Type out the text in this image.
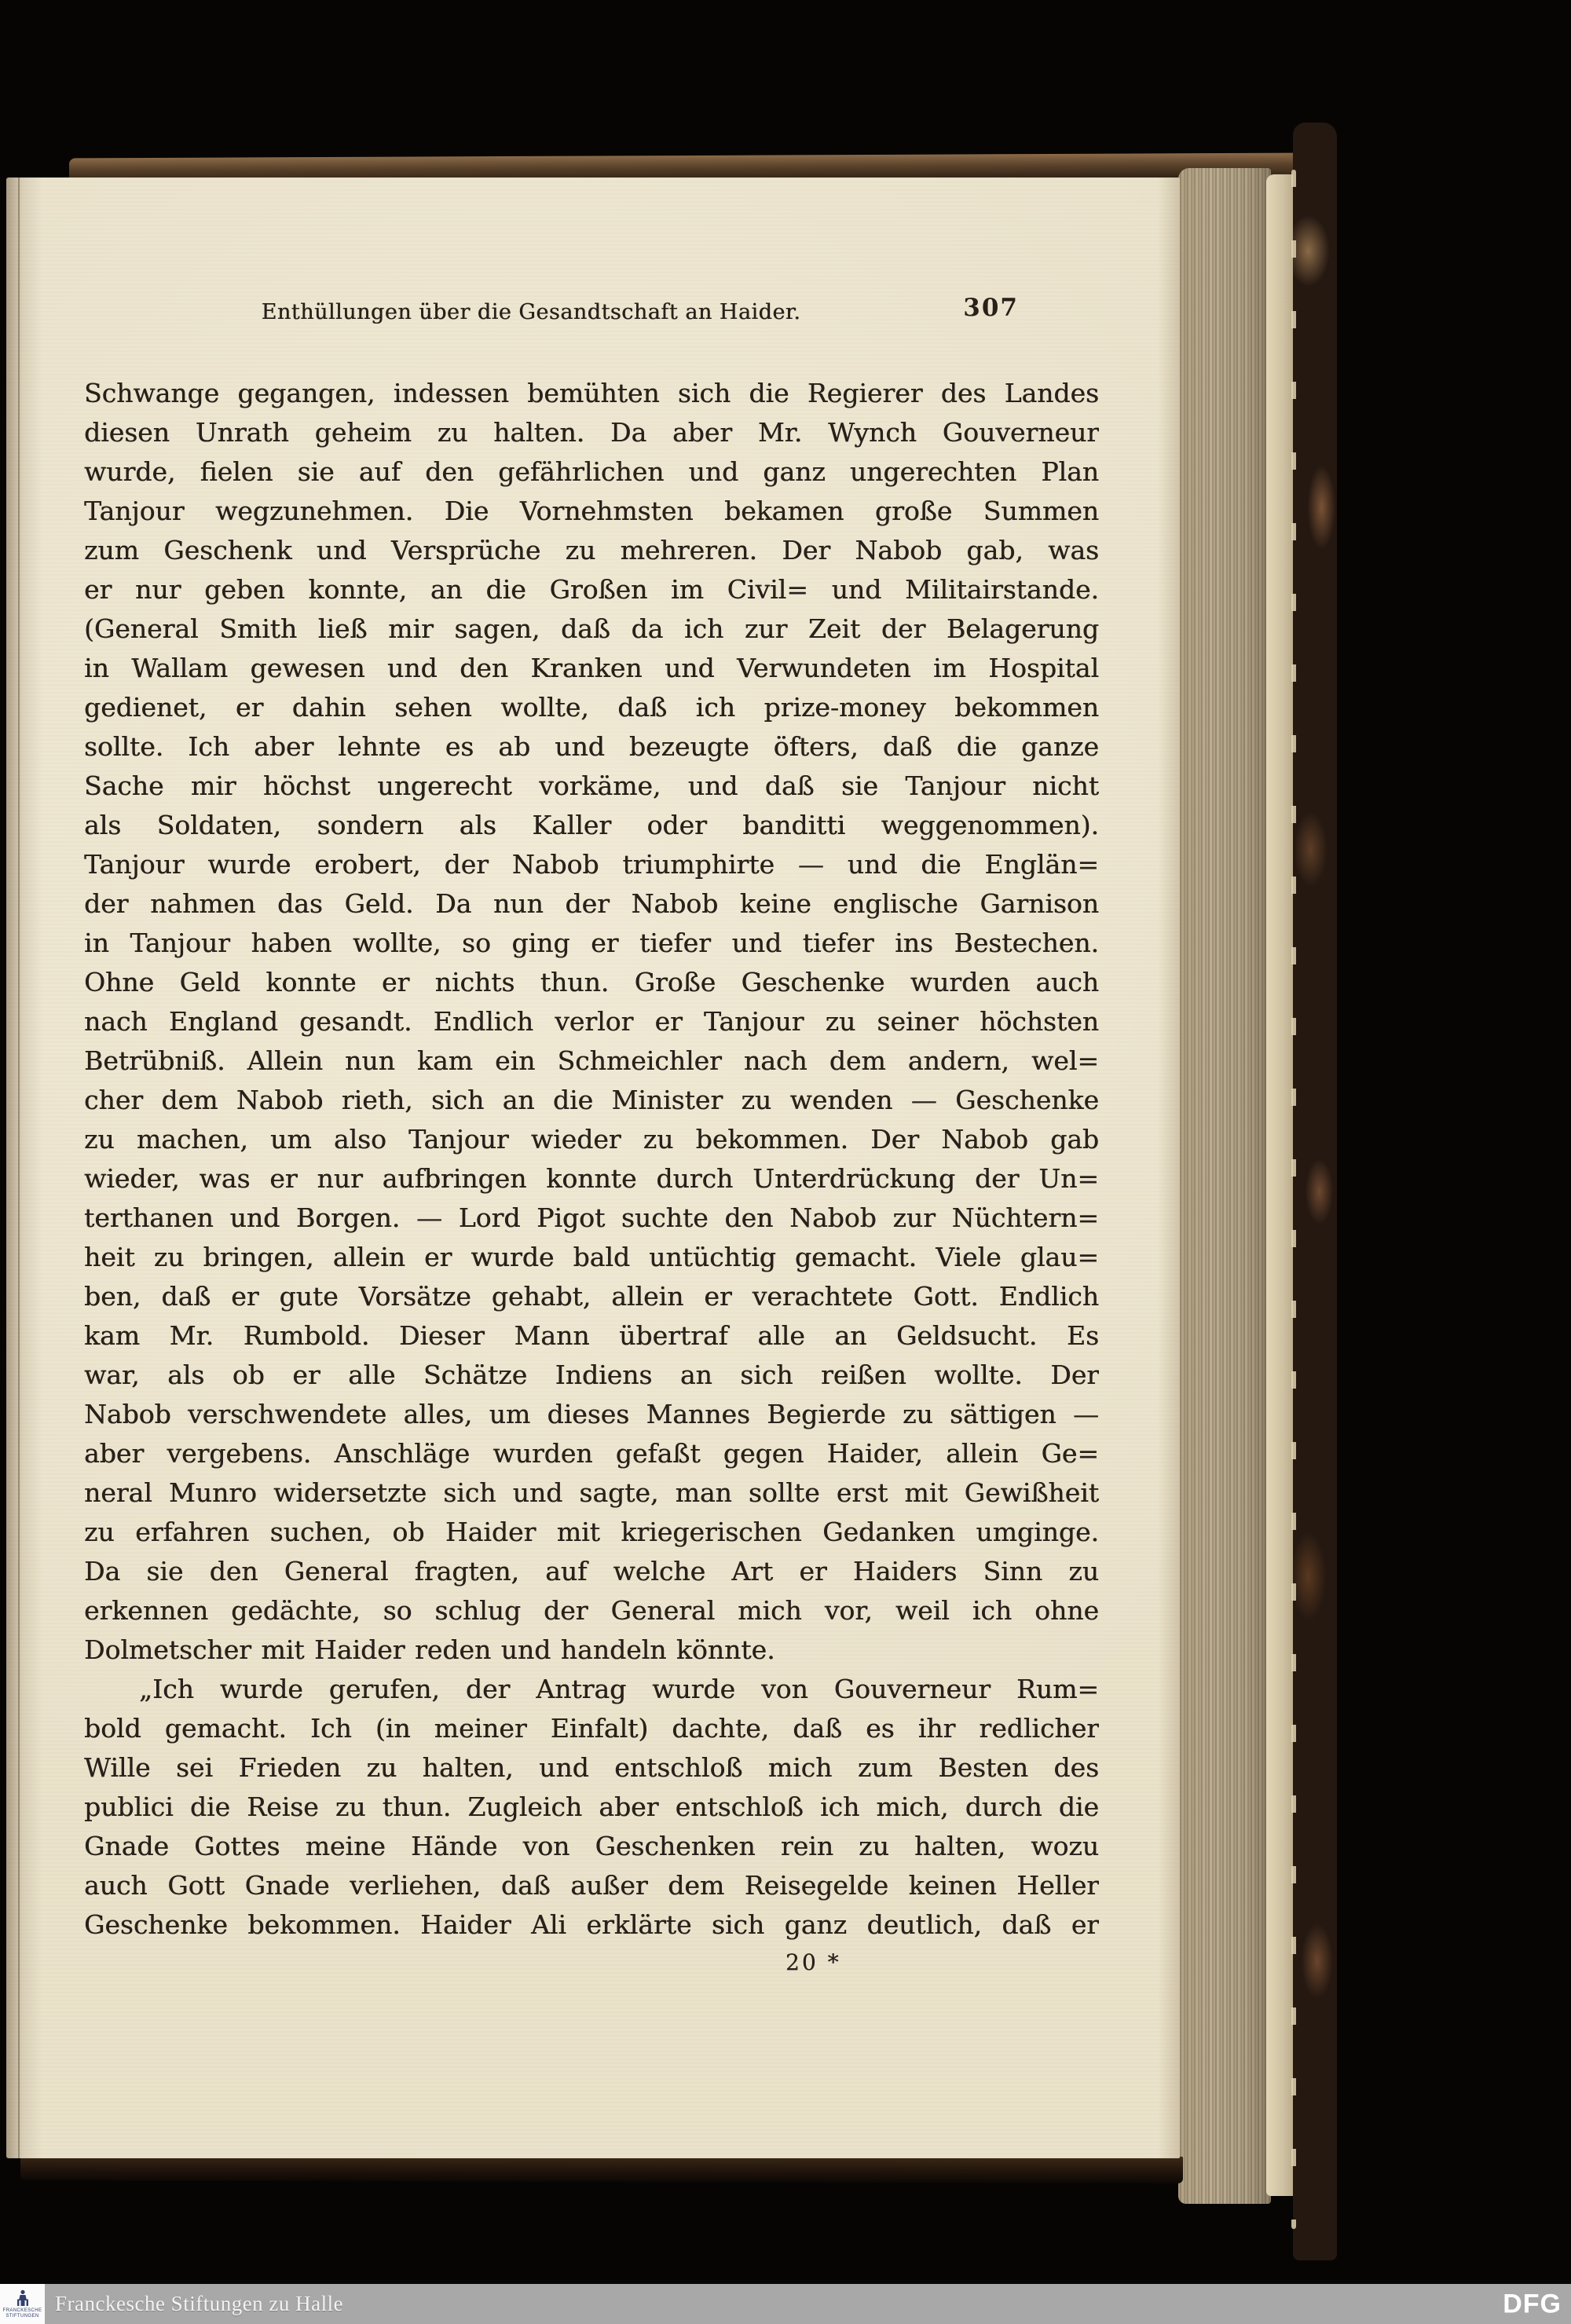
Enthüllungen über die Gesandtschaft an Haider.	307
Schwange gegangen, indessen bemühten sich die Regierer des Landes
diesen Unrath geheim zu halten. Da aber Mr. Wynch Gouverneur
wurde, fielen sie auf den gefährlichen und ganz ungerechten Plan
Tanjour wegzunehmen. Die Vornehmsten bekamen große Summen
zum Geschenk und Versprüche zu mehreren. Der Nabob gab, was
er nur geben konnte, an die Großen im Civil= und Militairstande.
(General Smith ließ mir sagen, daß da ich zur Zeit der Belagerung
in Wallam gewesen und den Kranken und Verwundeten im Hospital
gedienet, er dahin sehen wollte, daß ich prize-money bekommen
sollte. Ich aber lehnte es ab und bezeugte öfters, daß die ganze
Sache mir höchst ungerecht vorkäme, und daß sie Tanjour nicht
als Soldaten, sondern als Kaller oder banditti weggenommen).
Tanjour wurde erobert, der Nabob triumphirte — und die Englän=
der nahmen das Geld. Da nun der Nabob keine englische Garnison
in Tanjour haben wollte, so ging er tiefer und tiefer ins Bestechen.
Ohne Geld konnte er nichts thun. Große Geschenke wurden auch
nach England gesandt. Endlich verlor er Tanjour zu seiner höchsten
Betrübniß. Allein nun kam ein Schmeichler nach dem andern, wel=
cher dem Nabob rieth, sich an die Minister zu wenden — Geschenke
zu machen, um also Tanjour wieder zu bekommen. Der Nabob gab
wieder, was er nur aufbringen konnte durch Unterdrückung der Un=
terthanen und Borgen. — Lord Pigot suchte den Nabob zur Nüchtern=
heit zu bringen, allein er wurde bald untüchtig gemacht. Viele glau=
ben, daß er gute Vorsätze gehabt, allein er verachtete Gott. Endlich
kam Mr. Rumbold. Dieser Mann übertraf alle an Geldsucht. Es
war, als ob er alle Schätze Indiens an sich reißen wollte. Der
Nabob verschwendete alles, um dieses Mannes Begierde zu sättigen —
aber vergebens. Anschläge wurden gefaßt gegen Haider, allein Ge=
neral Munro widersetzte sich und sagte, man sollte erst mit Gewißheit
zu erfahren suchen, ob Haider mit kriegerischen Gedanken umginge.
Da sie den General fragten, auf welche Art er Haiders Sinn zu
erkennen gedächte, so schlug der General mich vor, weil ich ohne
Dolmetscher mit Haider reden und handeln könnte.
„Ich wurde gerufen, der Antrag wurde von Gouverneur Rum=
bold gemacht. Ich (in meiner Einfalt) dachte, daß es ihr redlicher
Wille sei Frieden zu halten, und entschloß mich zum Besten des
publici die Reise zu thun. Zugleich aber entschloß ich mich, durch die
Gnade Gottes meine Hände von Geschenken rein zu halten, wozu
auch Gott Gnade verliehen, daß außer dem Reisegelde keinen Heller
Geschenke bekommen. Haider Ali erklärte sich ganz deutlich, daß er
20 *
FRANCKESCHE
STIFTUNGEN
Franckesche Stiftungen zu Halle	DFG
